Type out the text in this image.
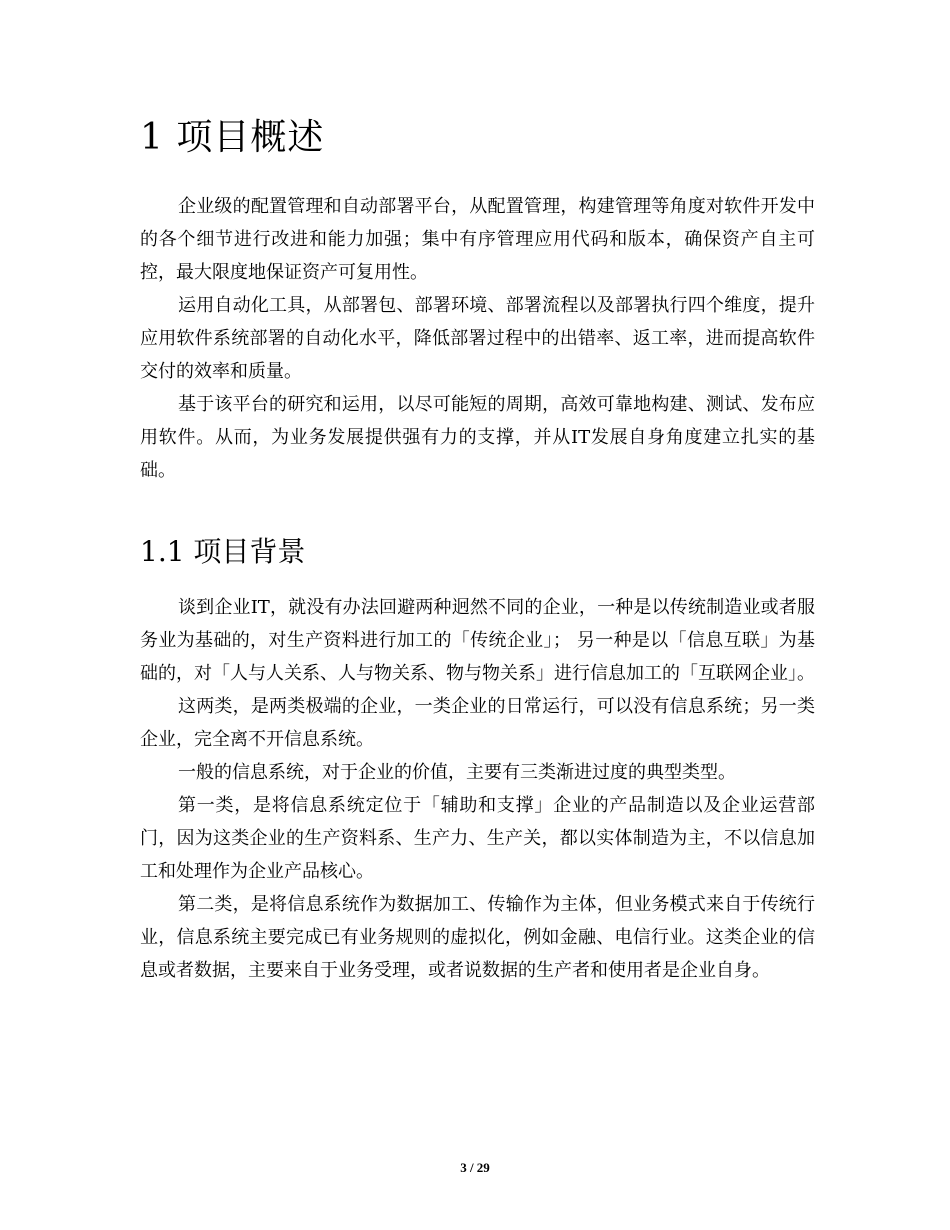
1 项目概述

企业级的配置管理和自动部署平台，从配置管理，构建管理等角度对软件开发中的各个细节进行改进和能力加强；集中有序管理应用代码和版本，确保资产自主可控，最大限度地保证资产可复用性。

运用自动化工具，从部署包、部署环境、部署流程以及部署执行四个维度，提升应用软件系统部署的自动化水平，降低部署过程中的出错率、返工率，进而提高软件交付的效率和质量。

基于该平台的研究和运用，以尽可能短的周期，高效可靠地构建、测试、发布应用软件。从而，为业务发展提供强有力的支撑，并从IT发展自身角度建立扎实的基础。

1.1 项目背景

谈到企业IT，就没有办法回避两种迥然不同的企业，一种是以传统制造业或者服务业为基础的，对生产资料进行加工的「传统企业」； 另一种是以「信息互联」为基础的，对「人与人关系、人与物关系、物与物关系」进行信息加工的「互联网企业」。

这两类，是两类极端的企业，一类企业的日常运行，可以没有信息系统；另一类企业，完全离不开信息系统。

一般的信息系统，对于企业的价值，主要有三类渐进过度的典型类型。

第一类，是将信息系统定位于「辅助和支撑」企业的产品制造以及企业运营部门，因为这类企业的生产资料系、生产力、生产关，都以实体制造为主，不以信息加工和处理作为企业产品核心。

第二类，是将信息系统作为数据加工、传输作为主体，但业务模式来自于传统行业，信息系统主要完成已有业务规则的虚拟化，例如金融、电信行业。这类企业的信息或者数据，主要来自于业务受理，或者说数据的生产者和使用者是企业自身。

3 / 29
